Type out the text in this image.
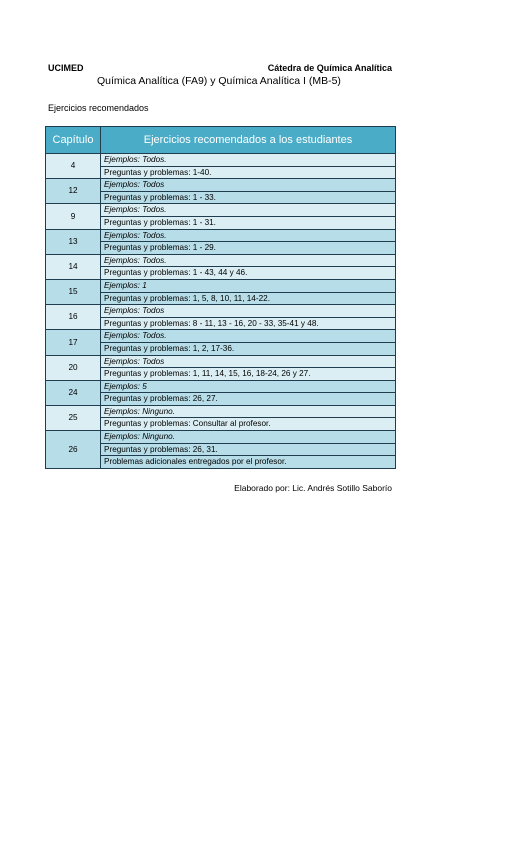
UCIMED	Cátedra de Química Analítica
Química Analítica (FA9) y Química Analítica I (MB-5)
Ejercicios recomendados
Capítulo	Ejercicios recomendados a los estudiantes
4	Ejemplos: Todos.
	Preguntas y problemas: 1-40.
12	Ejemplos: Todos
	Preguntas y problemas: 1 - 33.
9	Ejemplos: Todos.
	Preguntas y problemas: 1 - 31.
13	Ejemplos: Todos.
	Preguntas y problemas: 1 - 29.
14	Ejemplos: Todos.
	Preguntas y problemas: 1 - 43, 44 y 46.
15	Ejemplos: 1
	Preguntas y problemas: 1, 5, 8, 10, 11, 14-22.
16	Ejemplos: Todos
	Preguntas y problemas: 8 - 11, 13 - 16, 20 - 33, 35-41 y 48.
17	Ejemplos: Todos.
	Preguntas y problemas: 1, 2, 17-36.
20	Ejemplos: Todos
	Preguntas y problemas: 1, 11, 14, 15, 16, 18-24, 26 y 27.
24	Ejemplos: 5
	Preguntas y problemas: 26, 27.
25	Ejemplos: Ninguno.
	Preguntas y problemas: Consultar al profesor.
26	Ejemplos: Ninguno.
	Preguntas y problemas: 26, 31.
	Problemas adicionales entregados por el profesor.
Elaborado por: Lic. Andrés Sotillo Saborío
